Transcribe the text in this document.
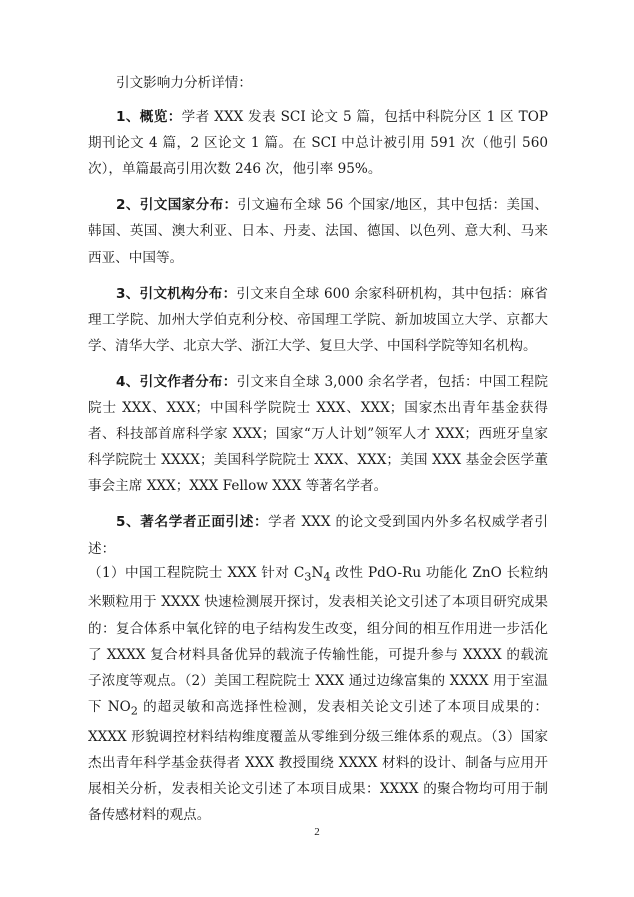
引文影响力分析详情：

1、概览：学者 XXX 发表 SCI 论文 5 篇，包括中科院分区 1 区 TOP 期刊论文 4 篇，2 区论文 1 篇。在 SCI 中总计被引用 591 次（他引 560 次），单篇最高引用次数 246 次，他引率 95%。

2、引文国家分布：引文遍布全球 56 个国家/地区，其中包括：美国、韩国、英国、澳大利亚、日本、丹麦、法国、德国、以色列、意大利、马来西亚、中国等。

3、引文机构分布：引文来自全球 600 余家科研机构，其中包括：麻省理工学院、加州大学伯克利分校、帝国理工学院、新加坡国立大学、京都大学、清华大学、北京大学、浙江大学、复旦大学、中国科学院等知名机构。

4、引文作者分布：引文来自全球 3,000 余名学者，包括：中国工程院院士 XXX、XXX；中国科学院院士 XXX、XXX；国家杰出青年基金获得者、科技部首席科学家 XXX；国家“万人计划”领军人才 XXX；西班牙皇家科学院院士 XXXX；美国科学院院士 XXX、XXX；美国 XXX 基金会医学董事会主席 XXX；XXX Fellow XXX 等著名学者。

5、著名学者正面引述：学者 XXX 的论文受到国内外多名权威学者引述：

（1）中国工程院院士 XXX 针对 $C_3N_4$ 改性 PdO-Ru 功能化 ZnO 长粒纳米颗粒用于 XXXX 快速检测展开探讨，发表相关论文引述了本项目研究成果的：复合体系中氧化锌的电子结构发生改变，组分间的相互作用进一步活化了 XXXX 复合材料具备优异的载流子传输性能，可提升参与 XXXX 的载流子浓度等观点。（2）美国工程院院士 XXX 通过边缘富集的 XXXX 用于室温下 $NO_2$ 的超灵敏和高选择性检测，发表相关论文引述了本项目成果的：XXXX 形貌调控材料结构维度覆盖从零维到分级三维体系的观点。（3）国家杰出青年科学基金获得者 XXX 教授围绕 XXXX 材料的设计、制备与应用开展相关分析，发表相关论文引述了本项目成果：XXXX 的聚合物均可用于制备传感材料的观点。

2
